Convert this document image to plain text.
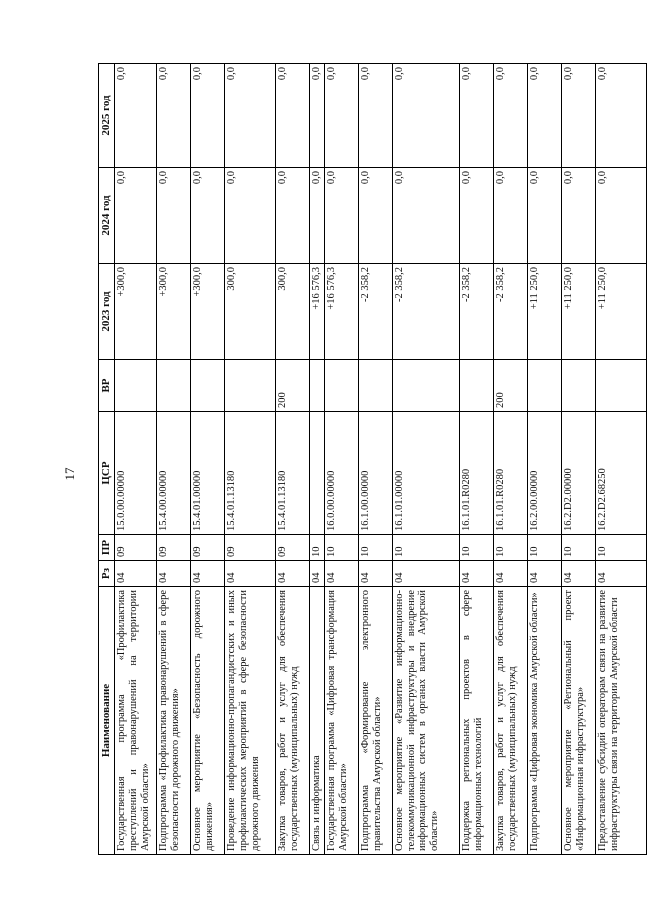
17
Наименование	Рз	ПР	ЦСР	ВР	2023 год	2024 год	2025 год
Государственная программа «Профилактика преступлений и правонарушений на территории Амурской области»	04	09	15.0.00.00000		+300,0	0,0	0,0
Подпрограмма «Профилактика правонарушений в сфере безопасности дорожного движения»	04	09	15.4.00.00000		+300,0	0,0	0,0
Основное мероприятие «Безопасность дорожного движения»	04	09	15.4.01.00000		+300,0	0,0	0,0
Проведение информационно-пропагандистских и иных профилактических мероприятий в сфере безопасности дорожного движения	04	09	15.4.01.13180		300,0	0,0	0,0
Закупка товаров, работ и услуг для обеспечения государственных (муниципальных) нужд	04	09	15.4.01.13180	200	300,0	0,0	0,0
Связь и информатика	04	10			+16 576,3	0,0	0,0
Государственная программа «Цифровая трансформация Амурской области»	04	10	16.0.00.00000		+16 576,3	0,0	0,0
Подпрограмма «Формирование электронного правительства Амурской области»	04	10	16.1.00.00000		-2 358,2	0,0	0,0
Основное мероприятие «Развитие информационно-телекоммуникационной инфраструктуры и внедрение информационных систем в органах власти Амурской области»	04	10	16.1.01.00000		-2 358,2	0,0	0,0
Поддержка региональных проектов в сфере информационных технологий	04	10	16.1.01.R0280		-2 358,2	0,0	0,0
Закупка товаров, работ и услуг для обеспечения государственных (муниципальных) нужд	04	10	16.1.01.R0280	200	-2 358,2	0,0	0,0
Подпрограмма «Цифровая экономика Амурской области»	04	10	16.2.00.00000		+11 250,0	0,0	0,0
Основное мероприятие «Региональный проект «Информационная инфраструктура»	04	10	16.2.D2.00000		+11 250,0	0,0	0,0
Предоставление субсидий операторам связи на развитие инфраструктуры связи на территории Амурской области	04	10	16.2.D2.68250		+11 250,0	0,0	0,0
